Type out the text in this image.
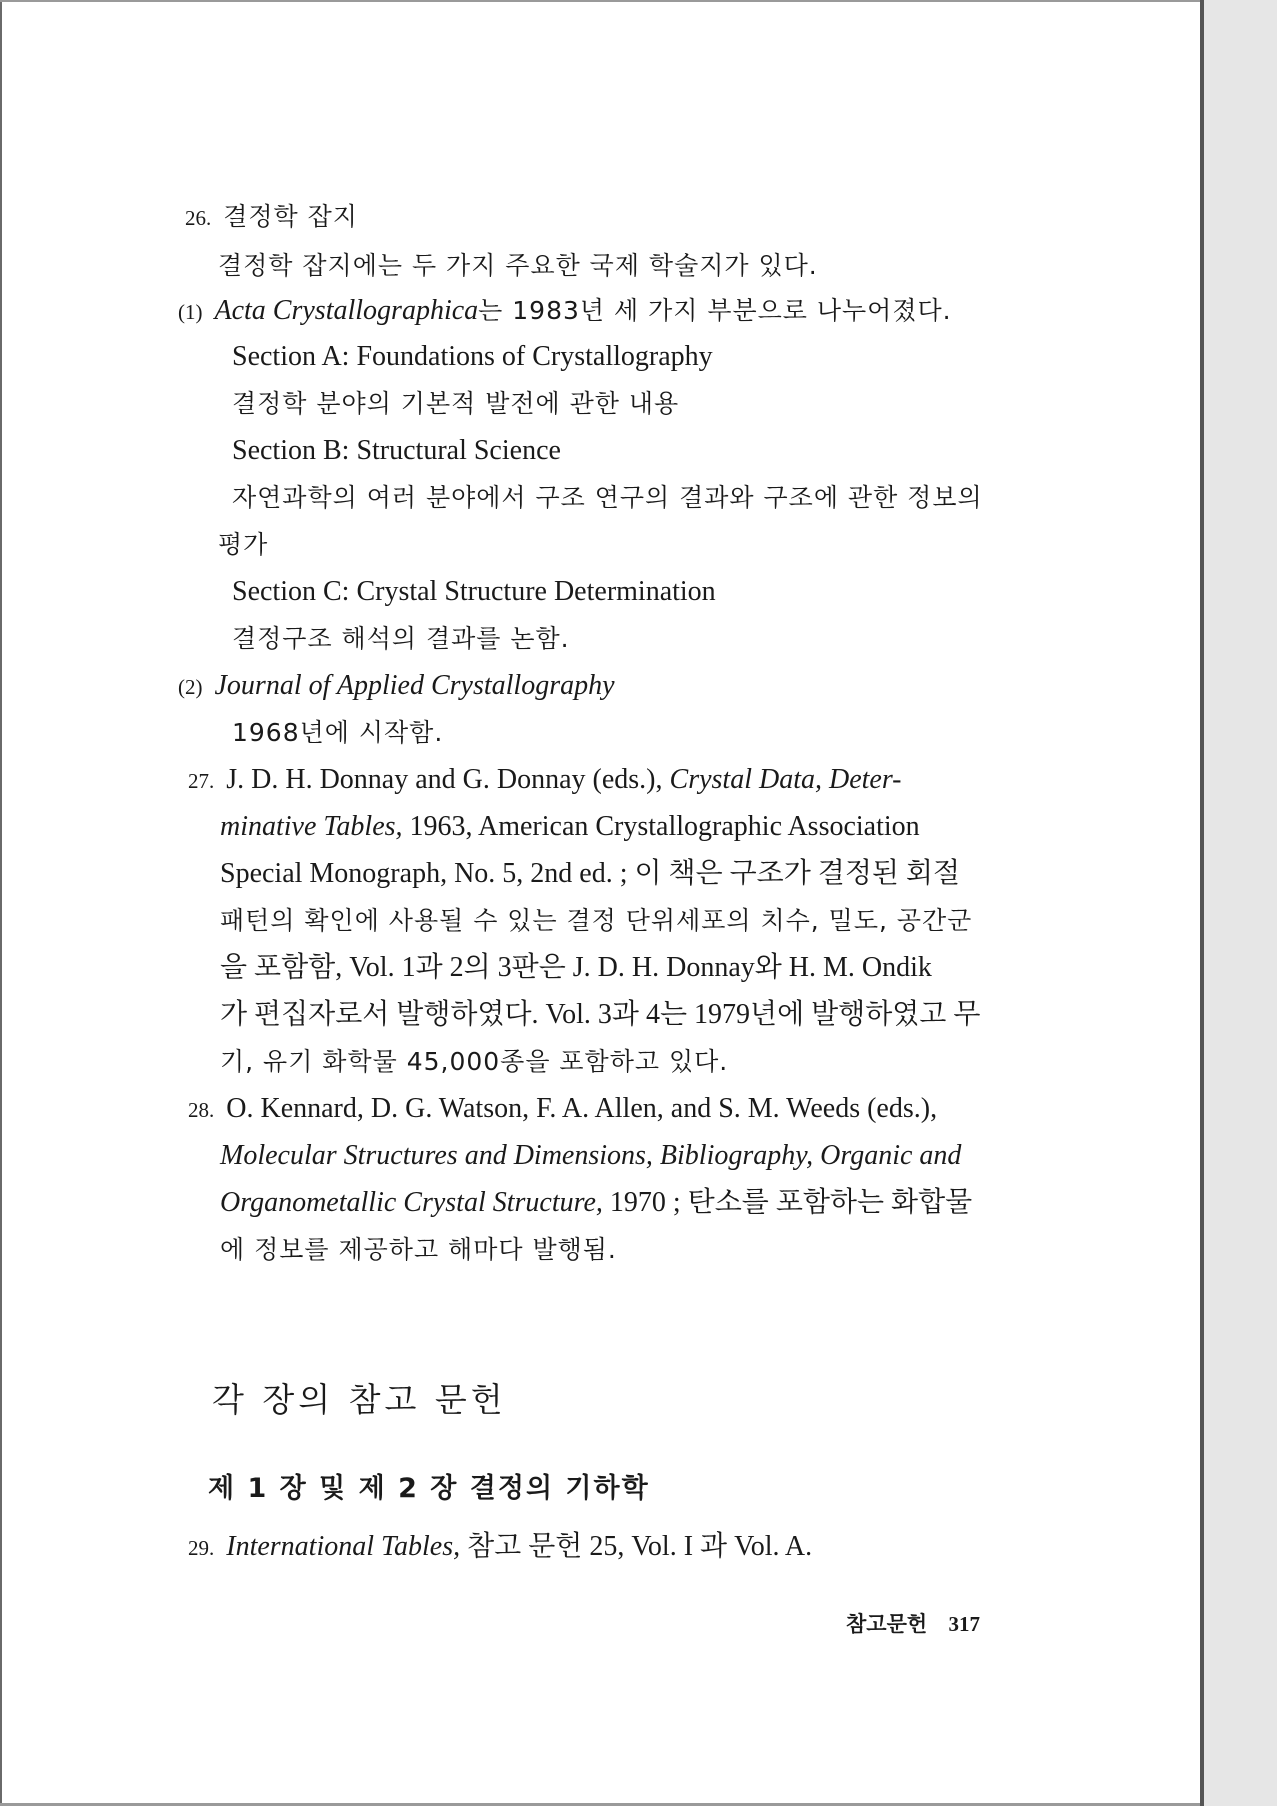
26. 결정학 잡지
결정학 잡지에는 두 가지 주요한 국제 학술지가 있다.
(1) Acta Crystallographica는 1983년 세 가지 부분으로 나누어졌다.
Section A: Foundations of Crystallography
결정학 분야의 기본적 발전에 관한 내용
Section B: Structural Science
자연과학의 여러 분야에서 구조 연구의 결과와 구조에 관한 정보의
평가
Section C: Crystal Structure Determination
결정구조 해석의 결과를 논함.
(2) Journal of Applied Crystallography
1968년에 시작함.
27. J. D. H. Donnay and G. Donnay (eds.), Crystal Data, Deter-
minative Tables, 1963, American Crystallographic Association
Special Monograph, No. 5, 2nd ed. ; 이 책은 구조가 결정된 회절
패턴의 확인에 사용될 수 있는 결정 단위세포의 치수, 밀도, 공간군
을 포함함, Vol. 1과 2의 3판은 J. D. H. Donnay와 H. M. Ondik
가 편집자로서 발행하였다. Vol. 3과 4는 1979년에 발행하였고 무
기, 유기 화학물 45,000종을 포함하고 있다.
28. O. Kennard, D. G. Watson, F. A. Allen, and S. M. Weeds (eds.),
Molecular Structures and Dimensions, Bibliography, Organic and
Organometallic Crystal Structure, 1970 ; 탄소를 포함하는 화합물
에 정보를 제공하고 해마다 발행됨.
각 장의 참고 문헌
제 1 장 및 제 2 장 결정의 기하학
29. International Tables, 참고 문헌 25, Vol. I 과 Vol. A.
참고문헌 317
